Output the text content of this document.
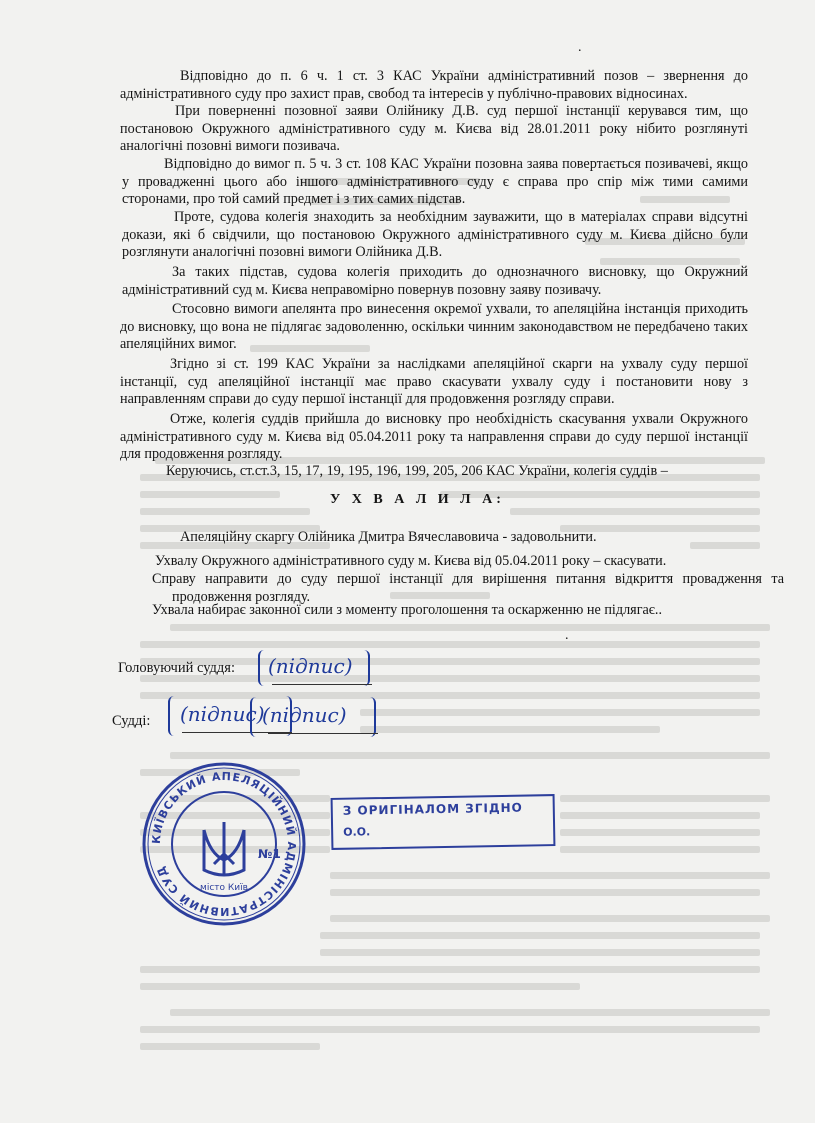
.

Відповідно до п. 6 ч. 1 ст. 3 КАС України адміністративний позов – звернення до адміністративного суду про захист прав, свобод та інтересів у публічно-правових відносинах.

При поверненні позовної заяви Олійнику Д.В. суд першої інстанції керувався тим, що постановою Окружного адміністративного суду м. Києва від 28.01.2011 року нібито розглянуті аналогічні позовні вимоги позивача.

Відповідно до вимог п. 5 ч. 3 ст. 108 КАС України позовна заява повертається позивачеві, якщо у провадженні цього або іншого адміністративного суду є справа про спір між тими самими сторонами, про той самий предмет і з тих самих підстав.

Проте, судова колегія знаходить за необхідним зауважити, що в матеріалах справи відсутні докази, які б свідчили, що постановою Окружного адміністративного суду м. Києва дійсно були розглянути аналогічні позовні вимоги Олійника Д.В.

За таких підстав, судова колегія приходить до однозначного висновку, що Окружний адміністративний суд м. Києва неправомірно повернув позовну заяву позивачу.

Стосовно вимоги апелянта про винесення окремої ухвали, то апеляційна інстанція приходить до висновку, що вона не підлягає задоволенню, оскільки чинним законодавством не передбачено таких апеляційних вимог.

Згідно зі ст. 199 КАС України за наслідками апеляційної скарги на ухвалу суду першої інстанції, суд апеляційної інстанції має право скасувати ухвалу суду і постановити нову з направленням справи до суду першої інстанції для продовження розгляду справи.

Отже, колегія суддів прийшла до висновку про необхідність скасування ухвали Окружного адміністративного суду м. Києва від 05.04.2011 року та направлення справи до суду першої інстанції для продовження розгляду.

Керуючись, ст.ст.3, 15, 17, 19, 195, 196, 199, 205, 206 КАС України, колегія суддів –

У Х В А Л И Л А:

Апеляційну скаргу Олійника Дмитра Вячеславовича - задовольнити.

Ухвалу Окружного адміністративного суду м. Києва від 05.04.2011 року – скасувати.

Справу направити до суду першої інстанції для вирішення питання відкриття провадження та продовження розгляду.

Ухвала набирає законної сили з моменту проголошення та оскарженню не підлягає..

.

Головуючий суддя: (підпис)

Судді: (підпис)
(підпис)
З ОРИГІНАЛОМ ЗГІДНО
О.О.
КИЇВСЬКИЙ АПЕЛЯЦІЙНИЙ АДМІНІСТРАТИВНИЙ СУД
№1
місто Київ
